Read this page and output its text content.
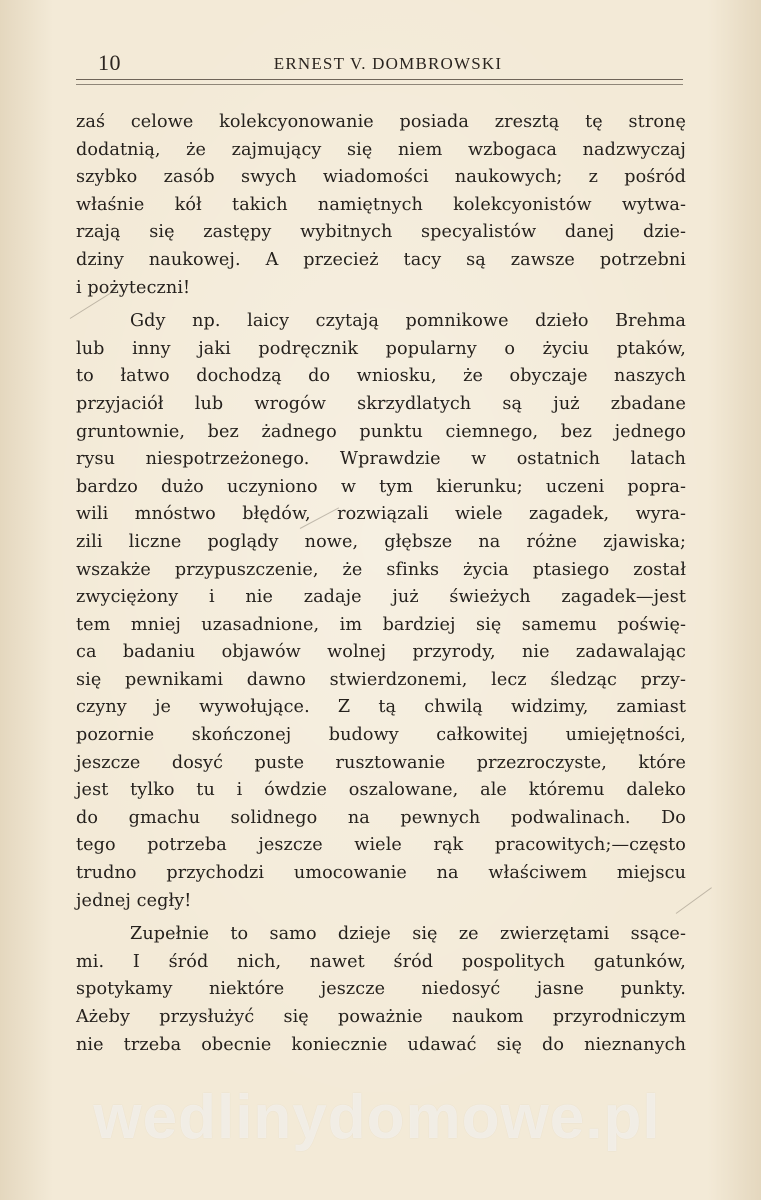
10	ERNEST V. DOMBROWSKI
zaś celowe kolekcyonowanie posiada zresztą tę stronę
dodatnią, że zajmujący się niem wzbogaca nadzwyczaj
szybko zasób swych wiadomości naukowych; z pośród
właśnie kół takich namiętnych kolekcyonistów wytwa-
rzają się zastępy wybitnych specyalistów danej dzie-
dziny naukowej. A przecież tacy są zawsze potrzebni
i pożyteczni!
Gdy np. laicy czytają pomnikowe dzieło Brehma
lub inny jaki podręcznik popularny o życiu ptaków,
to łatwo dochodzą do wniosku, że obyczaje naszych
przyjaciół lub wrogów skrzydlatych są już zbadane
gruntownie, bez żadnego punktu ciemnego, bez jednego
rysu niespotrzeżonego. Wprawdzie w ostatnich latach
bardzo dużo uczyniono w tym kierunku; uczeni popra-
wili mnóstwo błędów, rozwiązali wiele zagadek, wyra-
zili liczne poglądy nowe, głębsze na różne zjawiska;
wszakże przypuszczenie, że sfinks życia ptasiego został
zwyciężony i nie zadaje już świeżych zagadek—jest
tem mniej uzasadnione, im bardziej się samemu poświę-
ca badaniu objawów wolnej przyrody, nie zadawalając
się pewnikami dawno stwierdzonemi, lecz śledząc przy-
czyny je wywołujące. Z tą chwilą widzimy, zamiast
pozornie skończonej budowy całkowitej umiejętności,
jeszcze dosyć puste rusztowanie przezroczyste, które
jest tylko tu i ówdzie oszalowane, ale któremu daleko
do gmachu solidnego na pewnych podwalinach. Do
tego potrzeba jeszcze wiele rąk pracowitych;—często
trudno przychodzi umocowanie na właściwem miejscu
jednej cegły!
Zupełnie to samo dzieje się ze zwierzętami ssące-
mi. I śród nich, nawet śród pospolitych gatunków,
spotykamy niektóre jeszcze niedosyć jasne punkty.
Ażeby przysłużyć się poważnie naukom przyrodniczym
nie trzeba obecnie koniecznie udawać się do nieznanych
wedlinydomowe.pl
